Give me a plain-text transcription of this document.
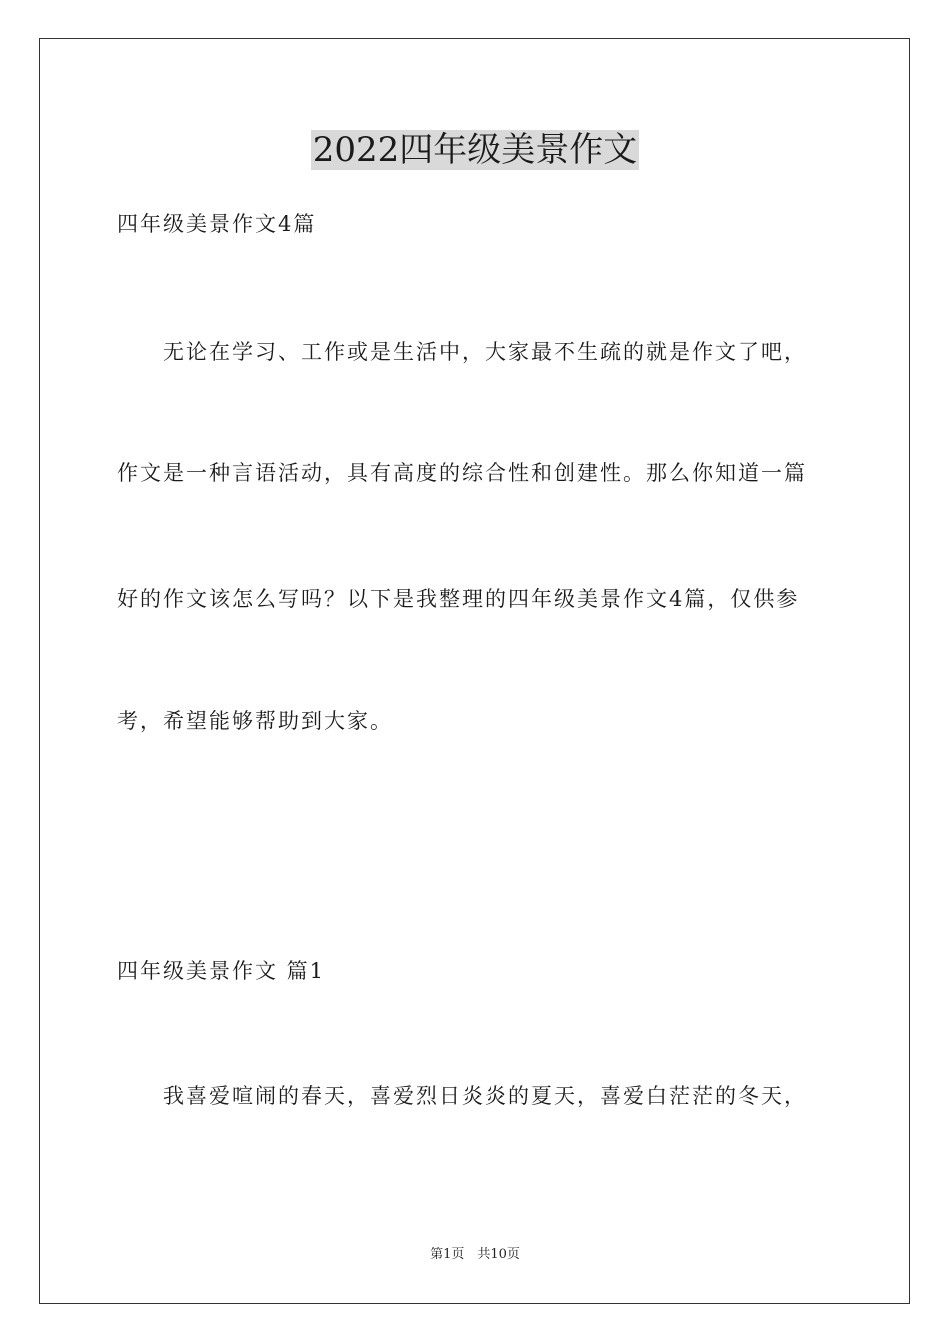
2022四年级美景作文
四年级美景作文4篇
无论在学习、工作或是生活中，大家最不生疏的就是作文了吧，
作文是一种言语活动，具有高度的综合性和创建性。那么你知道一篇
好的作文该怎么写吗？以下是我整理的四年级美景作文4篇，仅供参
考，希望能够帮助到大家。
四年级美景作文 篇1
我喜爱喧闹的春天，喜爱烈日炎炎的夏天，喜爱白茫茫的冬天，
第1页　共10页
